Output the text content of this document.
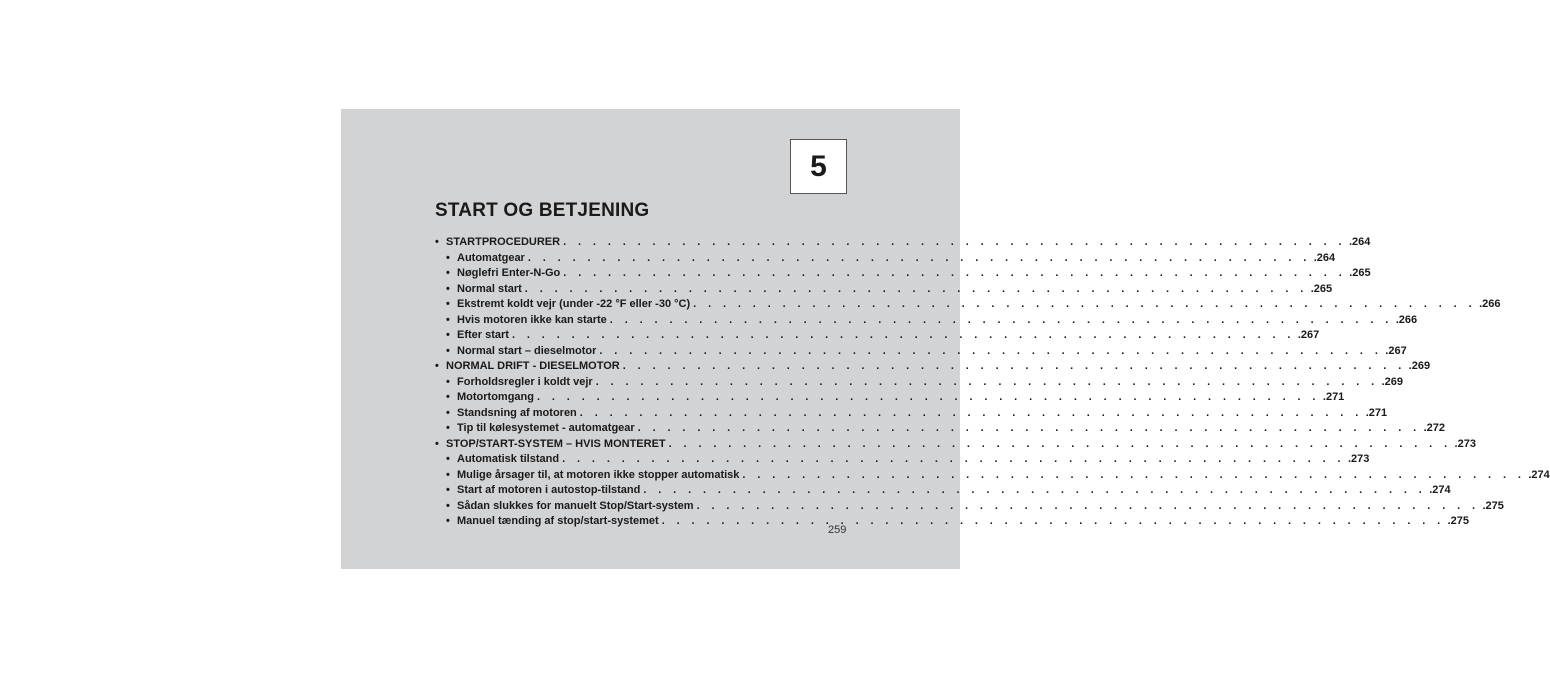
5
START OG BETJENING
• STARTPROCEDURER . . . . . . . . . . . . . . . . . . . . . . . . . . . . . . . . . . . . . . . . . . . . . . . . . . . . . .264
• Automatgear . . . . . . . . . . . . . . . . . . . . . . . . . . . . . . . . . . . . . . . . . . . . . . . . . . . . . .264
• Nøglefri Enter-N-Go . . . . . . . . . . . . . . . . . . . . . . . . . . . . . . . . . . . . . . . . . . . . . . . . . . . . . .265
• Normal start . . . . . . . . . . . . . . . . . . . . . . . . . . . . . . . . . . . . . . . . . . . . . . . . . . . . . .265
• Ekstremt koldt vejr (under -22 °F eller -30 °C) . . . . . . . . . . . . . . . . . . . . . . . . . . . . . . . . . . . . . . . . . . . . . . . . . . . . . .266
• Hvis motoren ikke kan starte . . . . . . . . . . . . . . . . . . . . . . . . . . . . . . . . . . . . . . . . . . . . . . . . . . . . . .266
• Efter start . . . . . . . . . . . . . . . . . . . . . . . . . . . . . . . . . . . . . . . . . . . . . . . . . . . . . .267
• Normal start – dieselmotor . . . . . . . . . . . . . . . . . . . . . . . . . . . . . . . . . . . . . . . . . . . . . . . . . . . . . .267
• NORMAL DRIFT - DIESELMOTOR . . . . . . . . . . . . . . . . . . . . . . . . . . . . . . . . . . . . . . . . . . . . . . . . . . . . . .269
• Forholdsregler i koldt vejr . . . . . . . . . . . . . . . . . . . . . . . . . . . . . . . . . . . . . . . . . . . . . . . . . . . . . .269
• Motortomgang . . . . . . . . . . . . . . . . . . . . . . . . . . . . . . . . . . . . . . . . . . . . . . . . . . . . . .271
• Standsning af motoren . . . . . . . . . . . . . . . . . . . . . . . . . . . . . . . . . . . . . . . . . . . . . . . . . . . . . .271
• Tip til kølesystemet - automatgear . . . . . . . . . . . . . . . . . . . . . . . . . . . . . . . . . . . . . . . . . . . . . . . . . . . . . .272
• STOP/START-SYSTEM – HVIS MONTERET . . . . . . . . . . . . . . . . . . . . . . . . . . . . . . . . . . . . . . . . . . . . . . . . . . . . . .273
• Automatisk tilstand . . . . . . . . . . . . . . . . . . . . . . . . . . . . . . . . . . . . . . . . . . . . . . . . . . . . . .273
• Mulige årsager til, at motoren ikke stopper automatisk . . . . . . . . . . . . . . . . . . . . . . . . . . . . . . . . . . . . . . . . . . . . . . . . . . . . . .274
• Start af motoren i autostop-tilstand . . . . . . . . . . . . . . . . . . . . . . . . . . . . . . . . . . . . . . . . . . . . . . . . . . . . . .274
• Sådan slukkes for manuelt Stop/Start-system . . . . . . . . . . . . . . . . . . . . . . . . . . . . . . . . . . . . . . . . . . . . . . . . . . . . . .275
• Manuel tænding af stop/start-systemet . . . . . . . . . . . . . . . . . . . . . . . . . . . . . . . . . . . . . . . . . . . . . . . . . . . . . .275
259
